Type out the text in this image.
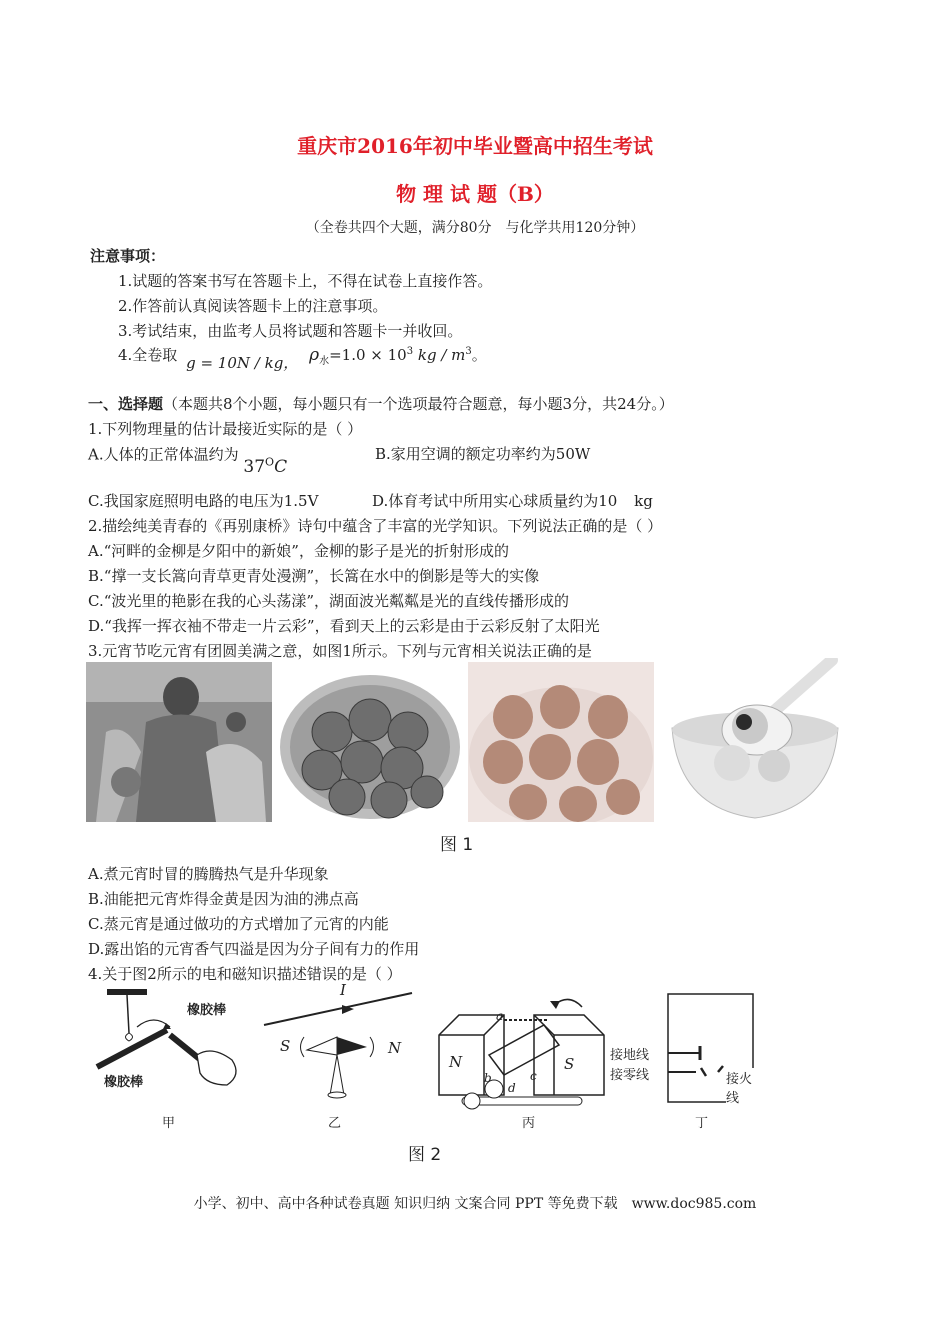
重庆市2016年初中毕业暨高中招生考试
物 理 试 题（B）
（全卷共四个大题，满分80分　与化学共用120分钟）
注意事项：
1.试题的答案书写在答题卡上，不得在试卷上直接作答。
2.作答前认真阅读答题卡上的注意事项。
3.考试结束，由监考人员将试题和答题卡一并收回。
4.全卷取 g = 10N / kg， $\rho_水=1.0 \times 10^3$ kg / $m^3$。
一、选择题（本题共8个小题，每小题只有一个选项最符合题意，每小题3分，共24分。）
1.下列物理量的估计最接近实际的是（ ）
A.人体的正常体温约为 $37^OC$
B.家用空调的额定功率约为50W
C.我国家庭照明电路的电压为1.5V	D.体育考试中所用实心球质量约为10 kg
2.描绘纯美青春的《再别康桥》诗句中蕴含了丰富的光学知识。下列说法正确的是（ ）
A.“河畔的金柳是夕阳中的新娘”，金柳的影子是光的折射形成的
B.“撑一支长篙向青草更青处漫溯”，长篙在水中的倒影是等大的实像
C.“波光里的艳影在我的心头荡漾”，湖面波光粼粼是光的直线传播形成的
D.“我挥一挥衣袖不带走一片云彩”，看到天上的云彩是由于云彩反射了太阳光
3.元宵节吃元宵有团圆美满之意，如图1所示。下列与元宵相关说法正确的是
图 1
A.煮元宵时冒的腾腾热气是升华现象
B.油能把元宵炸得金黄是因为油的沸点高
C.蒸元宵是通过做功的方式增加了元宵的内能
D.露出馅的元宵香气四溢是因为分子间有力的作用
4.关于图2所示的电和磁知识描述错误的是（ ）
橡胶棒
橡胶棒
甲
I
S	N
乙
N	S
a
b	c
d
丙
接地线
接零线	接火线
丁
图 2
小学、初中、高中各种试卷真题 知识归纳 文案合同 PPT 等免费下载　www.doc985.com
